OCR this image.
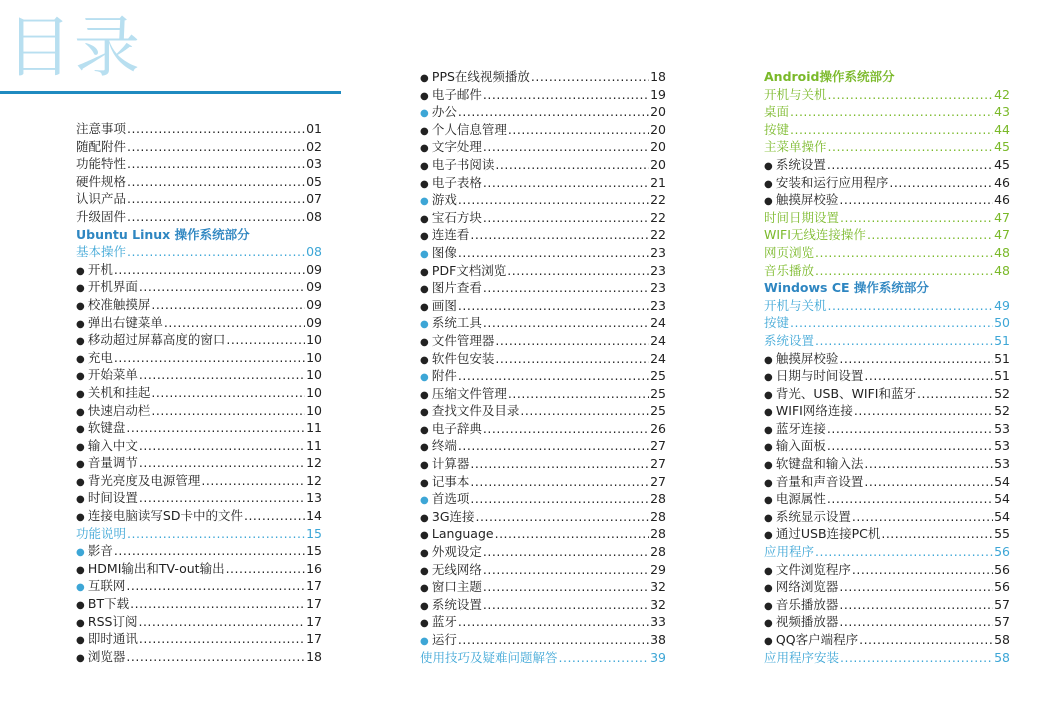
目录
注意事项 .....	01
随配附件 .....	02
功能特性 .....	03
硬件规格 .....	05
认识产品 .....	07
升级固件 .....	08
Ubuntu Linux 操作系统部分
基本操作 .....	08
● 开机 .....	09
● 开机界面 .....	09
● 校准触摸屏 .....	09
● 弹出右键菜单 .....	09
● 移动超过屏幕高度的窗口 .....	10
● 充电 .....	10
● 开始菜单 .....	10
● 关机和挂起 .....	10
● 快速启动栏 .....	10
● 软键盘 .....	11
● 输入中文 .....	11
● 音量调节 .....	12
● 背光亮度及电源管理 .....	12
● 时间设置 .....	13
● 连接电脑读写SD卡中的文件 .....	14
功能说明 .....	15
● 影音 .....	15
● HDMI输出和TV-out输出 .....	16
● 互联网 .....	17
● BT下载 .....	17
● RSS订阅 .....	17
● 即时通讯 .....	17
● 浏览器 .....	18
● PPS在线视频播放 .....	18
● 电子邮件 .....	19
● 办公 .....	20
● 个人信息管理 .....	20
● 文字处理 .....	20
● 电子书阅读 .....	20
● 电子表格 .....	21
● 游戏 .....	22
● 宝石方块 .....	22
● 连连看 .....	22
● 图像 .....	23
● PDF文档浏览 .....	23
● 图片查看 .....	23
● 画图 .....	23
● 系统工具 .....	24
● 文件管理器 .....	24
● 软件包安装 .....	24
● 附件 .....	25
● 压缩文件管理 .....	25
● 查找文件及目录 .....	25
● 电子辞典 .....	26
● 终端 .....	27
● 计算器 .....	27
● 记事本 .....	27
● 首选项 .....	28
● 3G连接 .....	28
● Language .....	28
● 外观设定 .....	28
● 无线网络 .....	29
● 窗口主题 .....	32
● 系统设置 .....	32
● 蓝牙 .....	33
● 运行 .....	38
使用技巧及疑难问题解答 .....	39
Android操作系统部分
开机与关机 .....	42
桌面 .....	43
按键 .....	44
主菜单操作 .....	45
● 系统设置 .....	45
● 安装和运行应用程序 .....	46
● 触摸屏校验 .....	46
时间日期设置 .....	47
WIFI无线连接操作 .....	47
网页浏览 .....	48
音乐播放 .....	48
Windows CE 操作系统部分
开机与关机 .....	49
按键 .....	50
系统设置 .....	51
● 触摸屏校验 .....	51
● 日期与时间设置 .....	51
● 背光、USB、WIFI和蓝牙 .....	52
● WIFI网络连接 .....	52
● 蓝牙连接 .....	53
● 输入面板 .....	53
● 软键盘和输入法 .....	53
● 音量和声音设置 .....	54
● 电源属性 .....	54
● 系统显示设置 .....	54
● 通过USB连接PC机 .....	55
应用程序 .....	56
● 文件浏览程序 .....	56
● 网络浏览器 .....	56
● 音乐播放器 .....	57
● 视频播放器 .....	57
● QQ客户端程序 .....	58
应用程序安装 .....	58
